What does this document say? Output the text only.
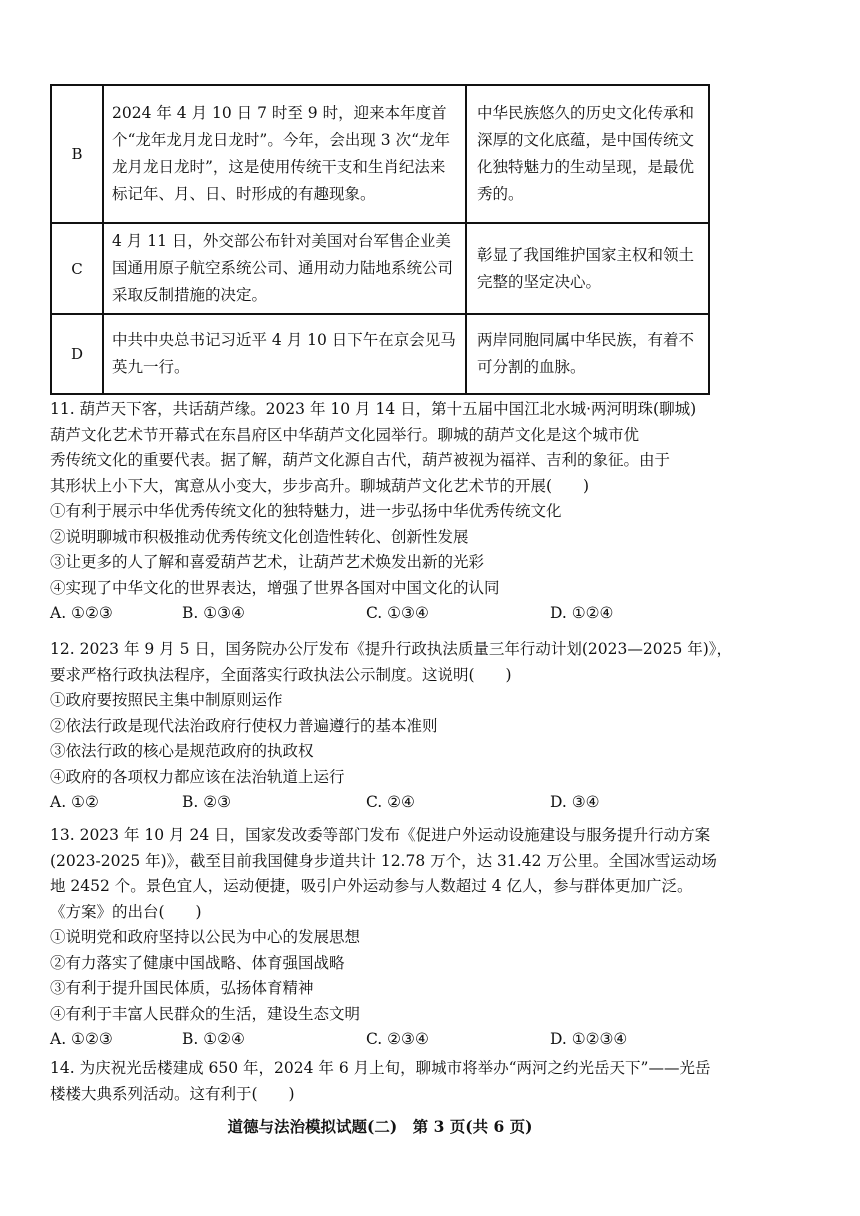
B	2024 年 4 月 10 日 7 时至 9 时，迎来本年度首个“龙年龙月龙日龙时”。今年，会出现 3 次“龙年龙月龙日龙时”，这是使用传统干支和生肖纪法来标记年、月、日、时形成的有趣现象。	中华民族悠久的历史文化传承和深厚的文化底蕴，是中国传统文化独特魅力的生动呈现，是最优秀的。
C	4 月 11 日，外交部公布针对美国对台军售企业美国通用原子航空系统公司、通用动力陆地系统公司采取反制措施的决定。	彰显了我国维护国家主权和领土完整的坚定决心。
D	中共中央总书记习近平 4 月 10 日下午在京会见马英九一行。	两岸同胞同属中华民族，有着不可分割的血脉。

11. 葫芦天下客，共话葫芦缘。2023 年 10 月 14 日，第十五届中国江北水城·两河明珠(聊城)

葫芦文化艺术节开幕式在东昌府区中华葫芦文化园举行。聊城的葫芦文化是这个城市优

秀传统文化的重要代表。据了解，葫芦文化源自古代，葫芦被视为福祥、吉利的象征。由于

其形状上小下大，寓意从小变大，步步高升。聊城葫芦文化艺术节的开展(　　)

①有利于展示中华优秀传统文化的独特魅力，进一步弘扬中华优秀传统文化

②说明聊城市积极推动优秀传统文化创造性转化、创新性发展

③让更多的人了解和喜爱葫芦艺术，让葫芦艺术焕发出新的光彩

④实现了中华文化的世界表达，增强了世界各国对中国文化的认同

A. ①②③	B. ①③④	C. ①③④	D. ①②④

12. 2023 年 9 月 5 日，国务院办公厅发布《提升行政执法质量三年行动计划(2023—2025 年)》，

要求严格行政执法程序，全面落实行政执法公示制度。这说明(　　)

①政府要按照民主集中制原则运作

②依法行政是现代法治政府行使权力普遍遵行的基本准则

③依法行政的核心是规范政府的执政权

④政府的各项权力都应该在法治轨道上运行

A. ①②	B. ②③	C. ②④	D. ③④

13. 2023 年 10 月 24 日，国家发改委等部门发布《促进户外运动设施建设与服务提升行动方案

(2023-2025 年)》，截至目前我国健身步道共计 12.78 万个，达 31.42 万公里。全国冰雪运动场

地 2452 个。景色宜人，运动便捷，吸引户外运动参与人数超过 4 亿人，参与群体更加广泛。

《方案》的出台(　　)

①说明党和政府坚持以公民为中心的发展思想

②有力落实了健康中国战略、体育强国战略

③有利于提升国民体质，弘扬体育精神

④有利于丰富人民群众的生活，建设生态文明

A. ①②③	B. ①②④	C. ②③④	D. ①②③④

14. 为庆祝光岳楼建成 650 年，2024 年 6 月上旬，聊城市将举办“两河之约光岳天下”——光岳

楼楼大典系列活动。这有利于(　　)

道德与法治模拟试题(二)　第 3 页(共 6 页)
